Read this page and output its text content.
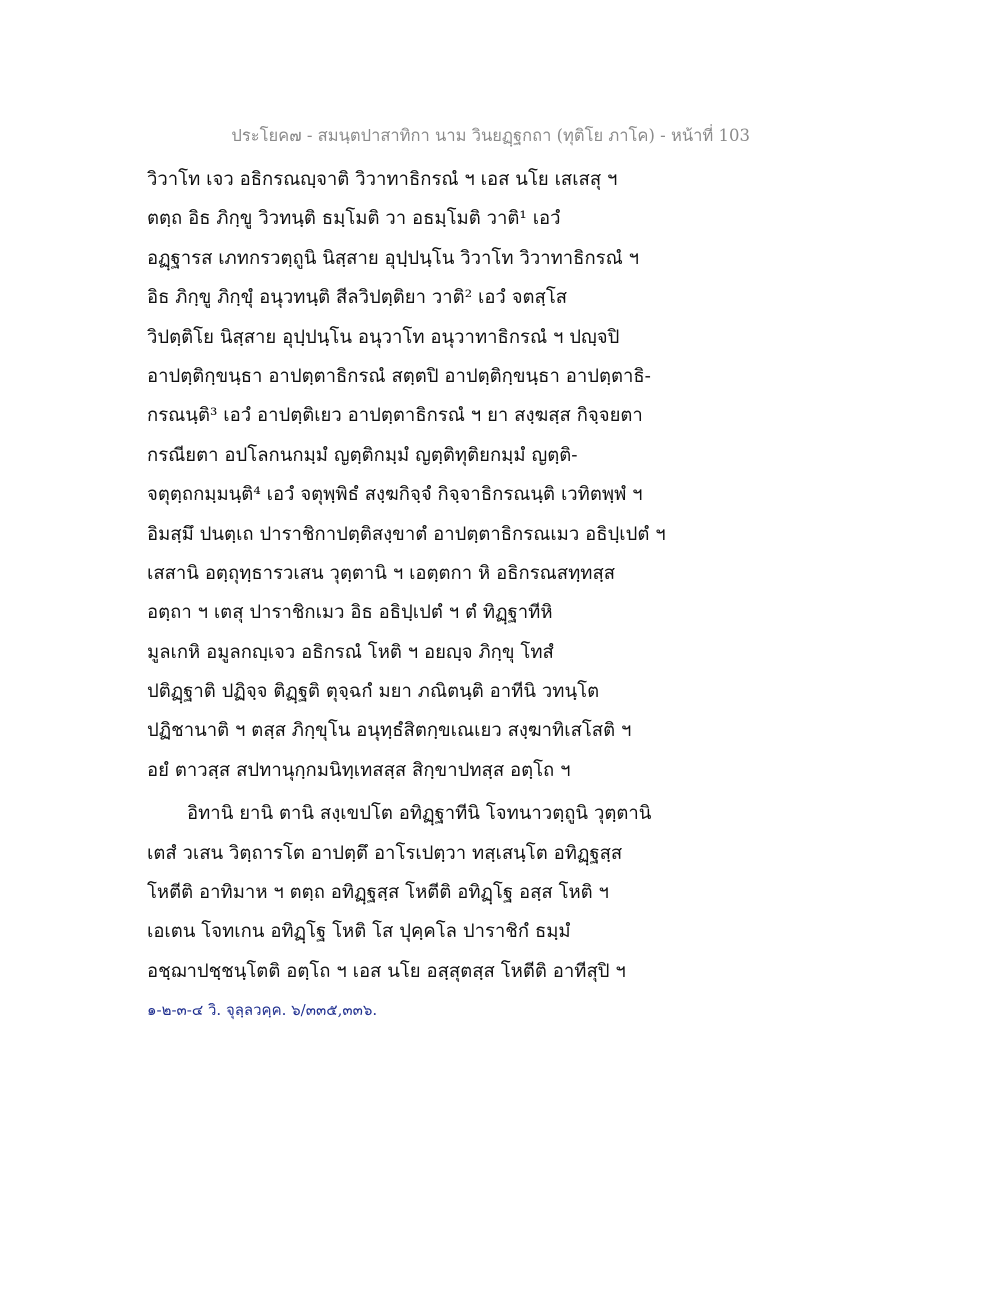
ประโยค๗ - สมนฺตปาสาทิกา นาม วินยฏฺฐกถา (ทุติโย ภาโค) - หน้าที่ 103
วิวาโท เจว อธิกรณญฺจาติ วิวาทาธิกรณํ ฯ เอส นโย เสเสสุ ฯ
ตตฺถ อิธ ภิกฺขู วิวทนฺติ ธมฺโมติ วา อธมฺโมติ วาติ¹ เอวํ
อฏฺฐารส เภทกรวตฺถูนิ นิสฺสาย อุปฺปนฺโน วิวาโท วิวาทาธิกรณํ ฯ
อิธ ภิกฺขู ภิกฺขุํ อนุวทนฺติ สีลวิปตฺติยา วาติ² เอวํ จตสฺโส
วิปตฺติโย นิสฺสาย อุปฺปนฺโน อนุวาโท อนุวาทาธิกรณํ ฯ ปญฺจปิ
อาปตฺติกฺขนฺธา อาปตฺตาธิกรณํ สตฺตปิ อาปตฺติกฺขนฺธา อาปตฺตาธิ-
กรณนฺติ³ เอวํ อาปตฺติเยว อาปตฺตาธิกรณํ ฯ ยา สงฺฆสฺส กิจฺจยตา
กรณียตา อปโลกนกมฺมํ ญตฺติกมฺมํ ญตฺติทุติยกมฺมํ ญตฺติ-
จตุตฺถกมฺมนฺติ⁴ เอวํ จตุพฺพิธํ สงฺฆกิจฺจํ กิจฺจาธิกรณนฺติ เวทิตพฺพํ ฯ
อิมสฺมึ ปนตฺเถ ปาราชิกาปตฺติสงฺขาตํ อาปตฺตาธิกรณเมว อธิปฺเปตํ ฯ
เสสานิ อตฺถุทฺธารวเสน วุตฺตานิ ฯ เอตฺตกา หิ อธิกรณสทฺทสฺส
อตฺถา ฯ เตสุ ปาราชิกเมว อิธ อธิปฺเปตํ ฯ ตํ ทิฏฺฐาทีหิ
มูลเกหิ อมูลกญฺเจว อธิกรณํ โหติ ฯ อยญฺจ ภิกฺขุ โทสํ
ปติฏฺฐาติ ปฏิจฺจ ติฏฺฐติ ตุจฺฉกํ มยา ภณิตนฺติ อาทีนิ วทนฺโต
ปฏิชานาติ ฯ ตสฺส ภิกฺขุโน อนุทฺธํสิตกฺขเณเยว สงฺฆาทิเสโสติ ฯ
อยํ ตาวสฺส สปทานุกฺกมนิทฺเทสสฺส สิกฺขาปทสฺส อตฺโถ ฯ
อิทานิ ยานิ ตานิ สงฺเขปโต อทิฏฺฐาทีนิ โจทนาวตฺถูนิ วุตฺตานิ
เตสํ วเสน วิตฺถารโต อาปตฺตึ อาโรเปตฺวา ทสฺเสนฺโต อทิฏฺฐสฺส
โหตีติ อาทิมาห ฯ ตตฺถ อทิฏฺฐสฺส โหตีติ อทิฏฺโฐ อสฺส โหติ ฯ
เอเตน โจทเกน อทิฏฺโฐ โหติ โส ปุคฺคโล ปาราชิกํ ธมฺมํ
อชฺฌาปชฺชนฺโตติ อตฺโถ ฯ เอส นโย อสฺสุตสฺส โหตีติ อาทีสุปิ ฯ
๑-๒-๓-๔ วิ. จุลฺลวคฺค. ๖/๓๓๕,๓๓๖.
